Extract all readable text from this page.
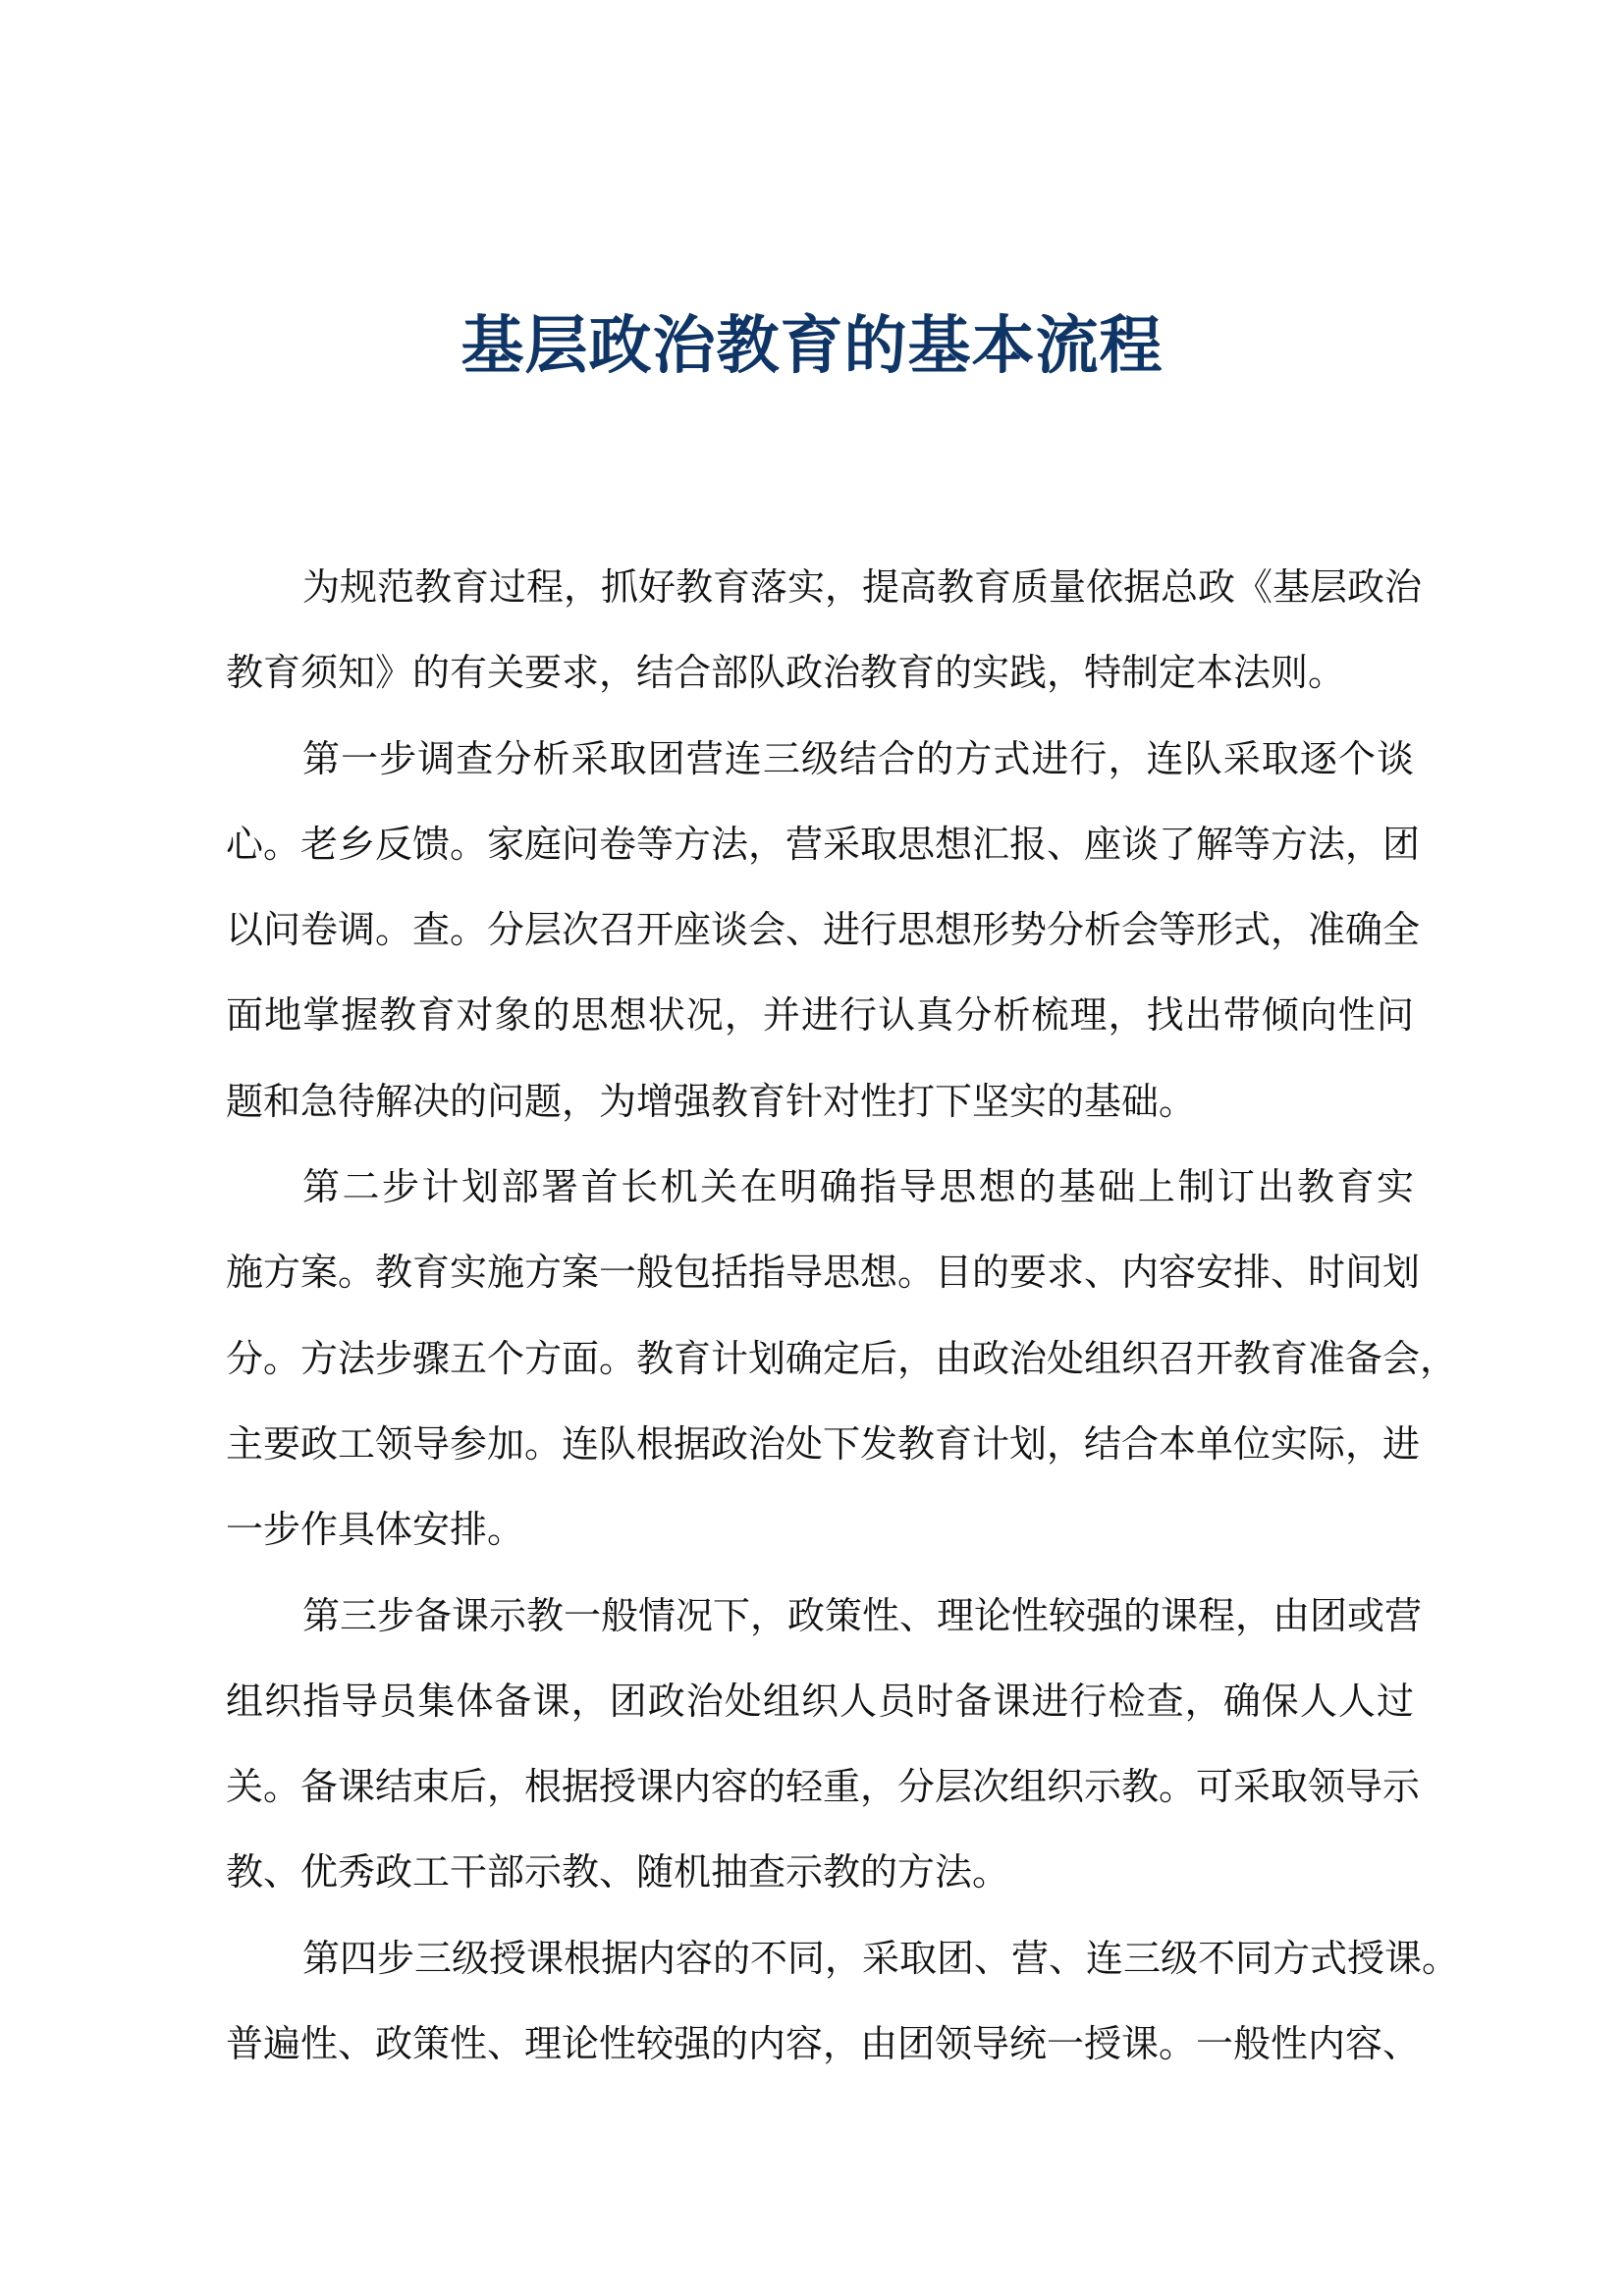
基层政治教育的基本流程
为规范教育过程，抓好教育落实，提高教育质量依据总政《基层政治
教育须知》的有关要求，结合部队政治教育的实践，特制定本法则。
第一步调查分析采取团营连三级结合的方式进行，连队采取逐个谈
心。老乡反馈。家庭问卷等方法，营采取思想汇报、座谈了解等方法，团
以问卷调。查。分层次召开座谈会、进行思想形势分析会等形式，准确全
面地掌握教育对象的思想状况，并进行认真分析梳理，找出带倾向性问
题和急待解决的问题，为增强教育针对性打下坚实的基础。
第二步计划部署首长机关在明确指导思想的基础上制订出教育实
施方案。教育实施方案一般包括指导思想。目的要求、内容安排、时间划
分。方法步骤五个方面。教育计划确定后，由政治处组织召开教育准备会，
主要政工领导参加。连队根据政治处下发教育计划，结合本单位实际，进
一步作具体安排。
第三步备课示教一般情况下，政策性、理论性较强的课程，由团或营
组织指导员集体备课，团政治处组织人员时备课进行检查，确保人人过
关。备课结束后，根据授课内容的轻重，分层次组织示教。可采取领导示
教、优秀政工干部示教、随机抽查示教的方法。
第四步三级授课根据内容的不同，采取团、营、连三级不同方式授课。
普遍性、政策性、理论性较强的内容，由团领导统一授课。一般性内容、
